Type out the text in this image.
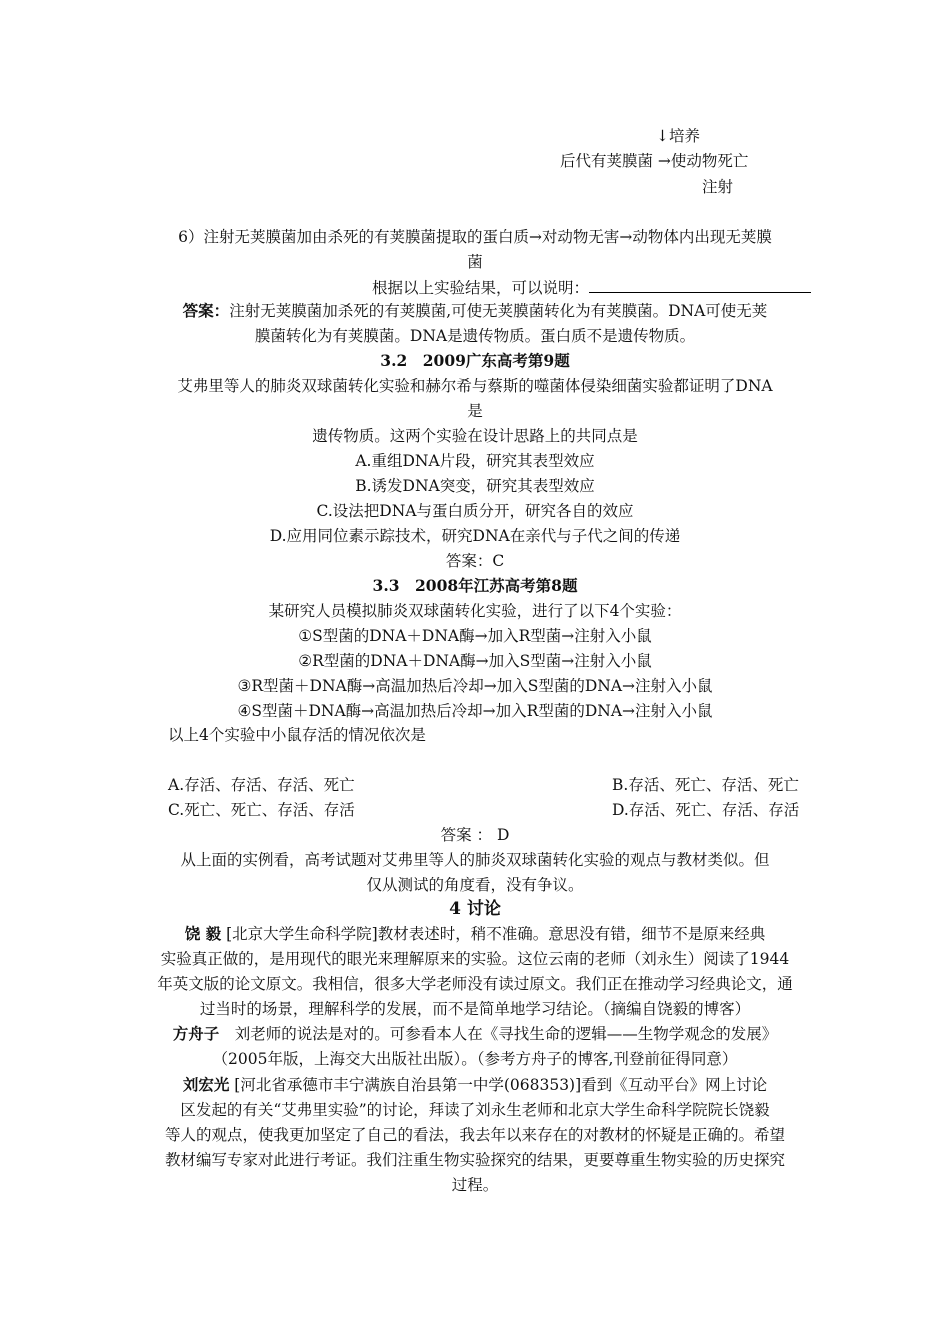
↓培养
后代有荚膜菌 →使动物死亡
注射
6）注射无荚膜菌加由杀死的有荚膜菌提取的蛋白质→对动物无害→动物体内出现无荚膜
菌
根据以上实验结果，可以说明：
答案：注射无荚膜菌加杀死的有荚膜菌,可使无荚膜菌转化为有荚膜菌。DNA可使无荚
膜菌转化为有荚膜菌。DNA是遗传物质。蛋白质不是遗传物质。
3.2　2009广东高考第9题
艾弗里等人的肺炎双球菌转化实验和赫尔希与蔡斯的噬菌体侵染细菌实验都证明了DNA
是
遗传物质。这两个实验在设计思路上的共同点是
A.重组DNA片段，研究其表型效应
B.诱发DNA突变，研究其表型效应
C.设法把DNA与蛋白质分开，研究各自的效应
D.应用同位素示踪技术，研究DNA在亲代与子代之间的传递
答案：C
3.3　2008年江苏高考第8题
某研究人员模拟肺炎双球菌转化实验，进行了以下4个实验：
①S型菌的DNA＋DNA酶→加入R型菌→注射入小鼠
②R型菌的DNA＋DNA酶→加入S型菌→注射入小鼠
③R型菌＋DNA酶→高温加热后冷却→加入S型菌的DNA→注射入小鼠
④S型菌＋DNA酶→高温加热后冷却→加入R型菌的DNA→注射入小鼠
以上4个实验中小鼠存活的情况依次是
A.存活、存活、存活、死亡	B.存活、死亡、存活、死亡
C.死亡、死亡、存活、存活	D.存活、死亡、存活、存活
答案 ： D
从上面的实例看，高考试题对艾弗里等人的肺炎双球菌转化实验的观点与教材类似。但
仅从测试的角度看，没有争议。
4 讨论
饶 毅 [北京大学生命科学院]教材表述时，稍不准确。意思没有错，细节不是原来经典
实验真正做的，是用现代的眼光来理解原来的实验。这位云南的老师（刘永生）阅读了1944
年英文版的论文原文。我相信，很多大学老师没有读过原文。我们正在推动学习经典论文，通
过当时的场景，理解科学的发展，而不是简单地学习结论。（摘编自饶毅的博客）
方舟子　刘老师的说法是对的。可参看本人在《寻找生命的逻辑——生物学观念的发展》
（2005年版，上海交大出版社出版）。（参考方舟子的博客,刊登前征得同意）
刘宏光 [河北省承德市丰宁满族自治县第一中学(068353)]看到《互动平台》网上讨论
区发起的有关“艾弗里实验”的讨论，拜读了刘永生老师和北京大学生命科学院院长饶毅
等人的观点，使我更加坚定了自己的看法，我去年以来存在的对教材的怀疑是正确的。希望
教材编写专家对此进行考证。我们注重生物实验探究的结果，更要尊重生物实验的历史探究
过程。
